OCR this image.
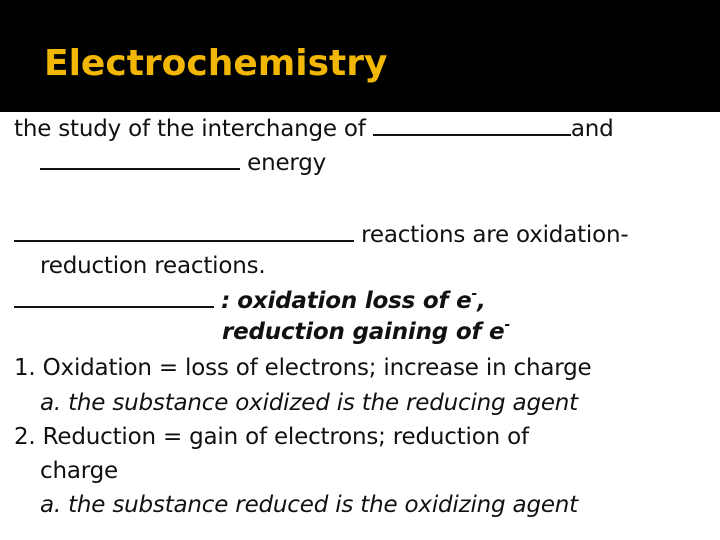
Electrochemistry
the study of the interchange of	and
energy
reactions are oxidation-
reduction reactions.
: oxidation loss of e-,
reduction gaining of e-
1. Oxidation = loss of electrons; increase in charge
a. the substance oxidized is the reducing agent
2. Reduction = gain of electrons; reduction of
charge
a. the substance reduced is the oxidizing agent
